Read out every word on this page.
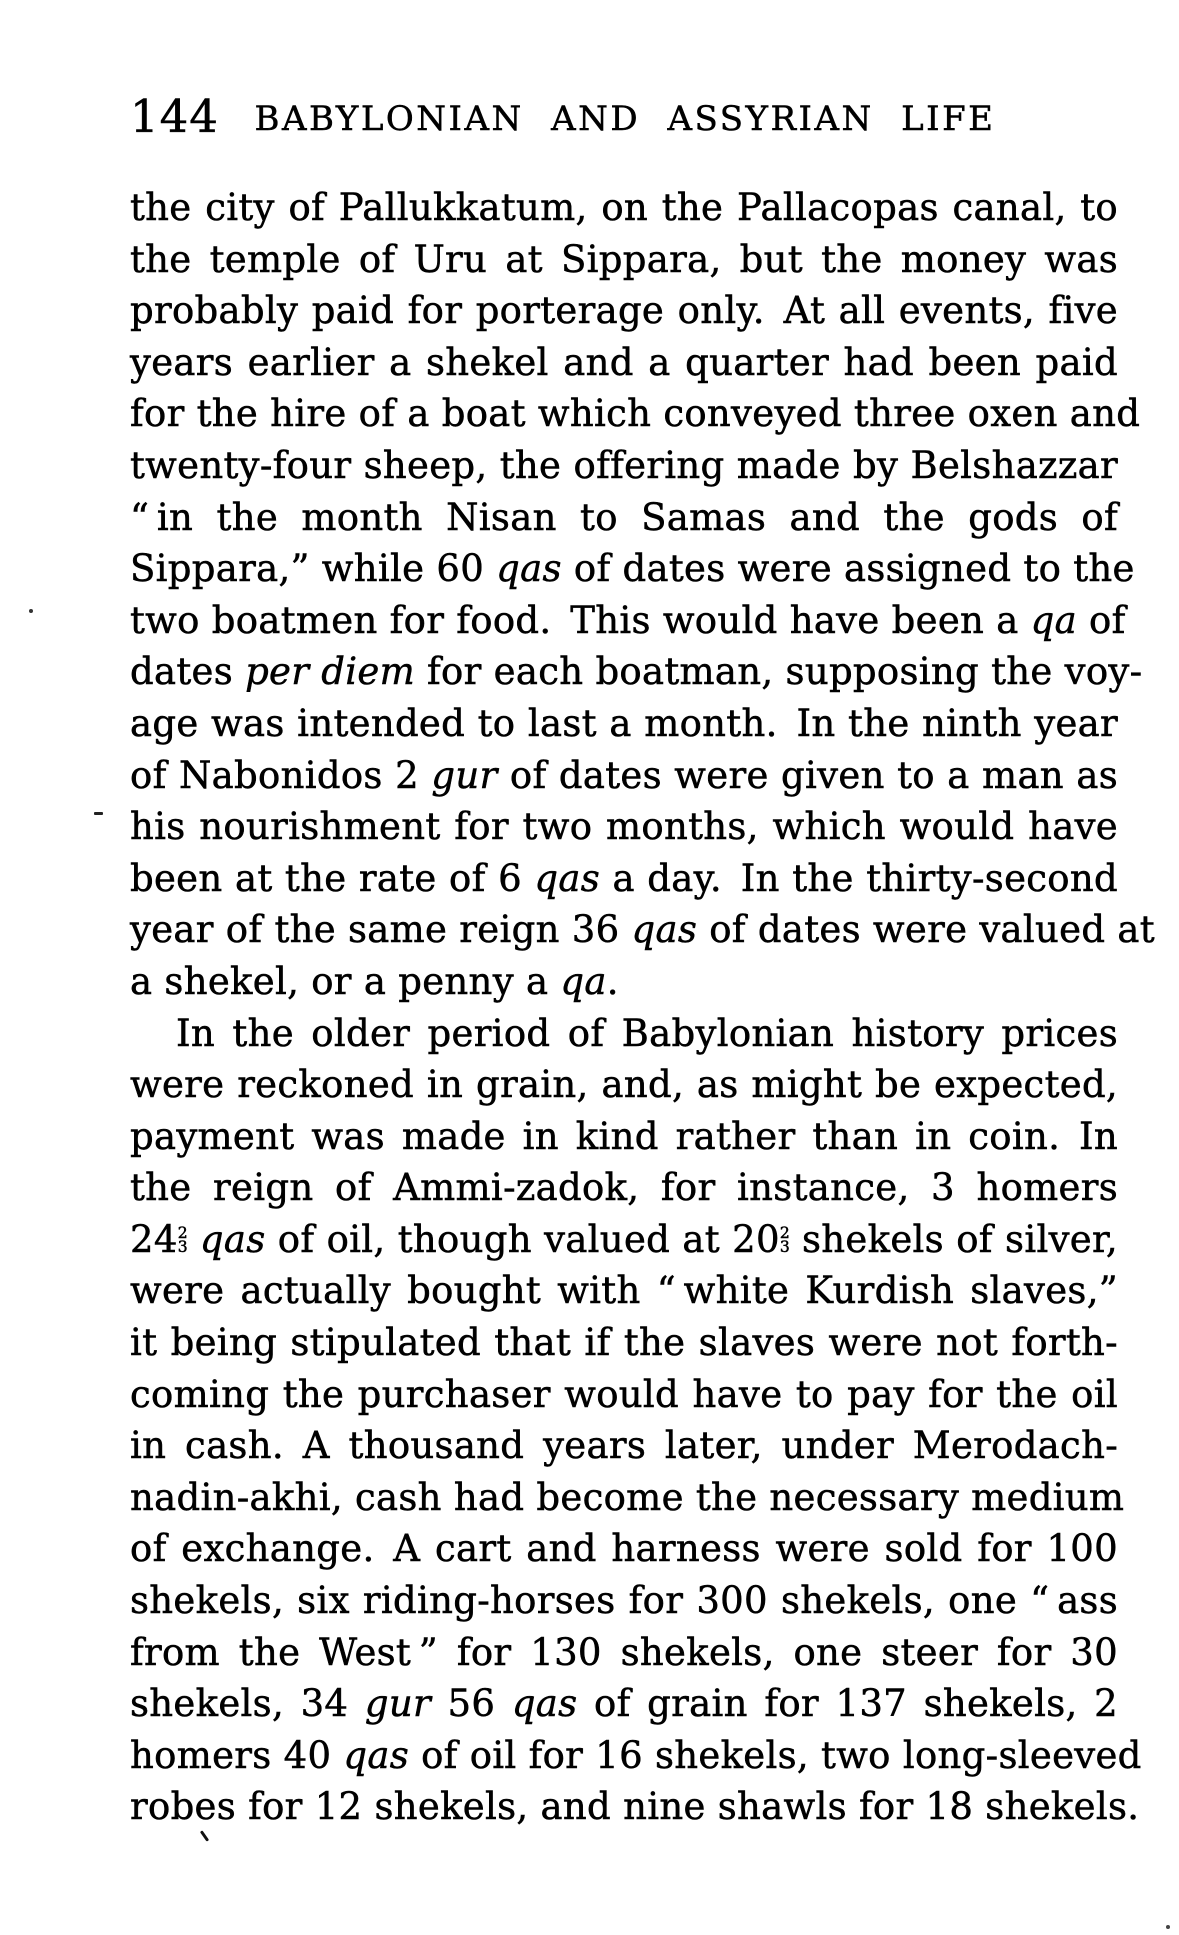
144	BABYLONIAN AND ASSYRIAN LIFE
the city of Pallukkatum, on the Pallacopas canal, to
the temple of Uru at Sippara, but the money was
probably paid for porterage only. At all events, five
years earlier a shekel and a quarter had been paid
for the hire of a boat which conveyed three oxen and
twenty-four sheep, the offering made by Belshazzar
“ in the month Nisan to Samas and the gods of
Sippara,” while 60 qas of dates were assigned to the
two boatmen for food. This would have been a qa of
dates per diem for each boatman, supposing the voy-
age was intended to last a month. In the ninth year
of Nabonidos 2 gur of dates were given to a man as
his nourishment for two months, which would have
been at the rate of 6 qas a day. In the thirty-second
year of the same reign 36 qas of dates were valued at
a shekel, or a penny a qa.
In the older period of Babylonian history prices
were reckoned in grain, and, as might be expected,
payment was made in kind rather than in coin. In
the reign of Ammi-zadok, for instance, 3 homers
24 2
3 qas of oil, though valued at 20 2
3 shekels of silver,
were actually bought with “ white Kurdish slaves,”
it being stipulated that if the slaves were not forth-
coming the purchaser would have to pay for the oil
in cash. A thousand years later, under Merodach-
nadin-akhi, cash had become the necessary medium
of exchange. A cart and harness were sold for 100
shekels, six riding-horses for 300 shekels, one “ ass
from the West ” for 130 shekels, one steer for 30
shekels, 34 gur 56 qas of grain for 137 shekels, 2
homers 40 qas of oil for 16 shekels, two long-sleeved
robes for 12 shekels, and nine shawls for 18 shekels.
